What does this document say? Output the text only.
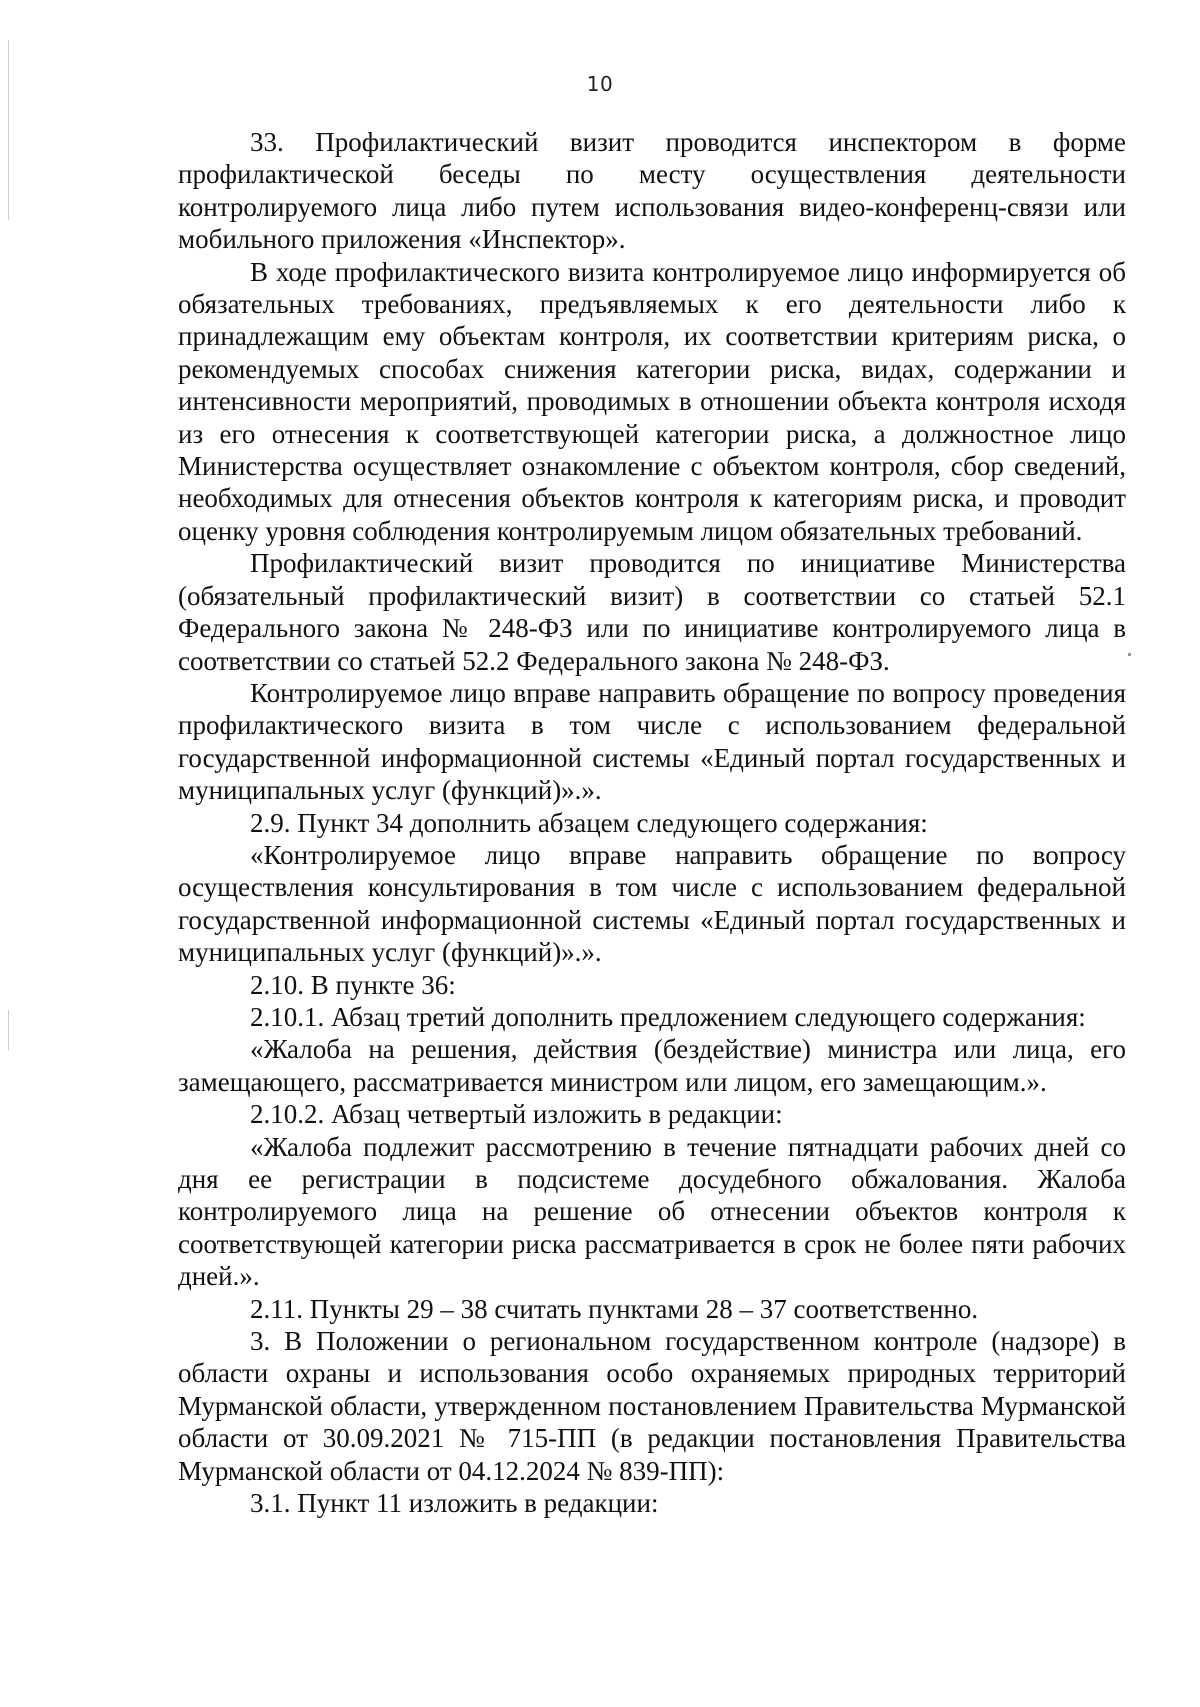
10

33. Профилактический визит проводится инспектором в форме профилактической беседы по месту осуществления деятельности контролируемого лица либо путем использования видео-конференц-связи или мобильного приложения «Инспектор».

В ходе профилактического визита контролируемое лицо информируется об обязательных требованиях, предъявляемых к его деятельности либо к принадлежащим ему объектам контроля, их соответствии критериям риска, о рекомендуемых способах снижения категории риска, видах, содержании и интенсивности мероприятий, проводимых в отношении объекта контроля исходя из его отнесения к соответствующей категории риска, а должностное лицо Министерства осуществляет ознакомление с объектом контроля, сбор сведений, необходимых для отнесения объектов контроля к категориям риска, и проводит оценку уровня соблюдения контролируемым лицом обязательных требований.

Профилактический визит проводится по инициативе Министерства (обязательный профилактический визит) в соответствии со статьей 52.1 Федерального закона № 248-ФЗ или по инициативе контролируемого лица в соответствии со статьей 52.2 Федерального закона № 248-ФЗ.

Контролируемое лицо вправе направить обращение по вопросу проведения профилактического визита в том числе с использованием федеральной государственной информационной системы «Единый портал государственных и муниципальных услуг (функций)».».

2.9. Пункт 34 дополнить абзацем следующего содержания:

«Контролируемое лицо вправе направить обращение по вопросу осуществления консультирования в том числе с использованием федеральной государственной информационной системы «Единый портал государственных и муниципальных услуг (функций)».».

2.10. В пункте 36:

2.10.1. Абзац третий дополнить предложением следующего содержания:

«Жалоба на решения, действия (бездействие) министра или лица, его замещающего, рассматривается министром или лицом, его замещающим.».

2.10.2. Абзац четвертый изложить в редакции:

«Жалоба подлежит рассмотрению в течение пятнадцати рабочих дней со дня ее регистрации в подсистеме досудебного обжалования. Жалоба контролируемого лица на решение об отнесении объектов контроля к соответствующей категории риска рассматривается в срок не более пяти рабочих дней.».

2.11. Пункты 29 – 38 считать пунктами 28 – 37 соответственно.

3. В Положении о региональном государственном контроле (надзоре) в области охраны и использования особо охраняемых природных территорий Мурманской области, утвержденном постановлением Правительства Мурманской области от 30.09.2021 № 715-ПП (в редакции постановления Правительства Мурманской области от 04.12.2024 № 839-ПП):

3.1. Пункт 11 изложить в редакции:
